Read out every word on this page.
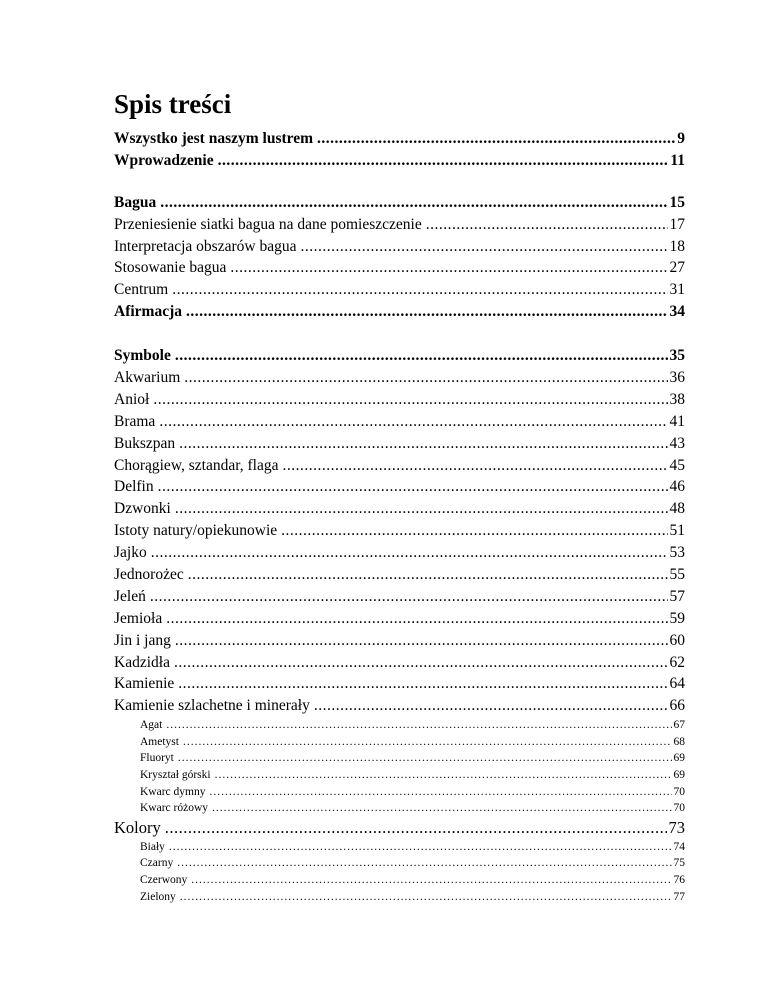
Spis treści
Wszystko jest naszym lustrem .....	9
Wprowadzenie .....	11
Bagua .....	15
Przeniesienie siatki bagua na dane pomieszczenie .....	17
Interpretacja obszarów bagua .....	18
Stosowanie bagua .....	27
Centrum .....	31
Afirmacja .....	34
Symbole .....	35
Akwarium .....	36
Anioł .....	38
Brama .....	41
Bukszpan .....	43
Chorągiew, sztandar, flaga .....	45
Delfin .....	46
Dzwonki .....	48
Istoty natury/opiekunowie .....	51
Jajko .....	53
Jednorożec .....	55
Jeleń .....	57
Jemioła .....	59
Jin i jang .....	60
Kadzidła .....	62
Kamienie .....	64
Kamienie szlachetne i minerały .....	66
Agat .....	67
Ametyst .....	68
Fluoryt .....	69
Kryształ górski .....	69
Kwarc dymny .....	70
Kwarc różowy .....	70
Kolory .....	73
Biały .....	74
Czarny .....	75
Czerwony .....	76
Zielony .....	77
